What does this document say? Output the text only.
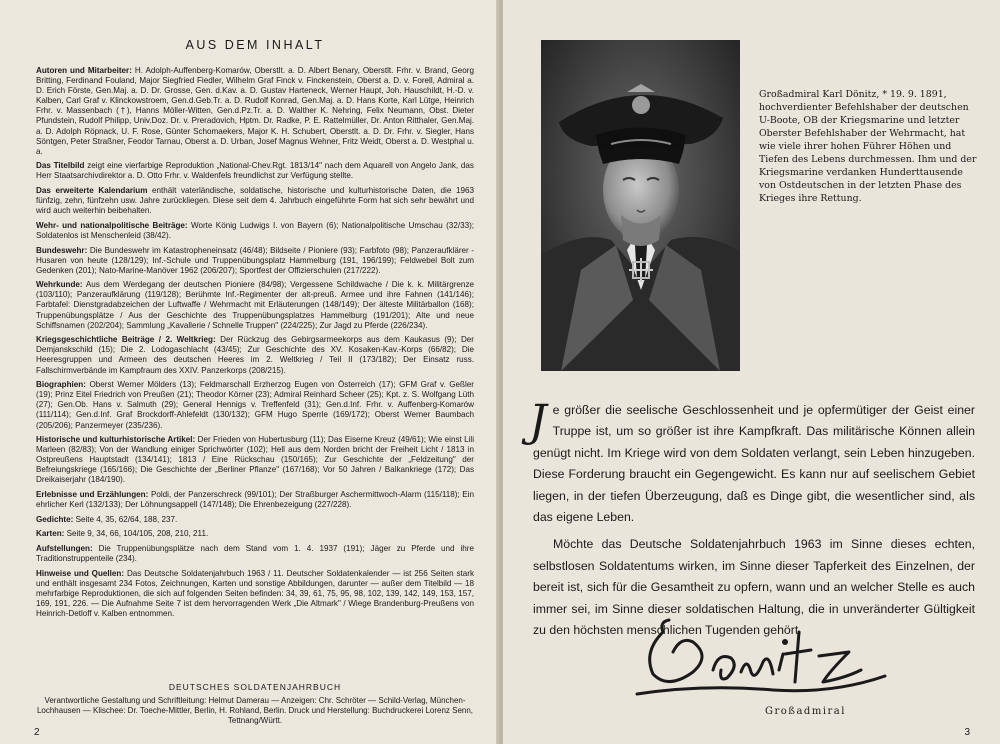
AUS DEM INHALT
Autoren und Mitarbeiter: H. Adolph-Auffenberg-Komarów, Oberstlt. a. D. Albert Benary, Oberstlt. Frhr. v. Brand, Georg Britting, Ferdinand Fouland, Major Siegfried Fiedler, Wilhelm Graf Finck v. Finckenstein, Oberst a. D. v. Forell, Admiral a. D. Erich Förste, Gen.Maj. a. D. Dr. Grosse, Gen. d.Kav. a. D. Gustav Harteneck, Werner Haupt, Joh. Hauschildt, H.-D. v. Kalben, Carl Graf v. Klinckowstroem, Gen.d.Geb.Tr. a. D. Rudolf Konrad, Gen.Maj. a. D. Hans Korte, Karl Lütge, Heinrich Frhr. v. Massenbach (†), Hanns Möller-Witten, Gen.d.Pz.Tr. a. D. Walther K. Nehring, Felix Neumann, Obst. Dieter Pfundstein, Rudolf Philipp, Univ.Doz. Dr. v. Preradovich, Hptm. Dr. Radke, P. E. Rattelmüller, Dr. Anton Ritthaler, Gen.Maj. a. D. Adolph Röpnack, U. F. Rose, Günter Schomaekers, Major K. H. Schubert, Oberstlt. a. D. Dr. Frhr. v. Siegler, Hans Söntgen, Peter Straßner, Feodor Tarnau, Oberst a. D. Urban, Josef Magnus Wehner, Fritz Weidt, Oberst a. D. Westphal u. a.
Das Titelbild zeigt eine vierfarbige Reproduktion „National-Chev.Rgt. 1813/14" nach dem Aquarell von Angelo Jank, das Herr Staatsarchivdirektor a. D. Otto Frhr. v. Waldenfels freundlichst zur Verfügung stellte.
Das erweiterte Kalendarium enthält vaterländische, soldatische, historische und kulturhistorische Daten, die 1963 fünfzig, zehn, fünfzehn usw. Jahre zurückliegen. Diese seit dem 4. Jahrbuch eingeführte Form hat sich sehr bewährt und wird auch weiterhin beibehalten.
Wehr- und nationalpolitische Beiträge: Worte König Ludwigs I. von Bayern (6); Nationalpolitische Umschau (32/33); Soldatenlos ist Menschenleid (38/42).
Bundeswehr: Die Bundeswehr im Katastropheneinsatz (46/48); Bildseite / Pioniere (93); Farbfoto (98); Panzeraufklärer - Husaren von heute (128/129); Inf.-Schule und Truppenübungsplatz Hammelburg (191, 196/199); Feldwebel Bolt zum Gedenken (201); Nato-Marine-Manöver 1962 (206/207); Sportfest der Offizierschulen (217/222).
Wehrkunde: Aus dem Werdegang der deutschen Pioniere (84/98); Vergessene Schildwache / Die k. k. Militärgrenze (103/110); Panzeraufklärung (119/128); Berühmte Inf.-Regimenter der alt-preuß. Armee und ihre Fahnen (141/146); Farbtafel: Dienstgradabzeichen der Luftwaffe / Wehrmacht mit Erläuterungen (148/149); Der älteste Militärballon (168); Truppenübungsplätze / Aus der Geschichte des Truppenübungsplatzes Hammelburg (191/201); Alte und neue Schiffsnamen (202/204); Sammlung „Kavallerie / Schnelle Truppen" (224/225); Zur Jagd zu Pferde (226/234).
Kriegsgeschichtliche Beiträge / 2. Weltkrieg: Der Rückzug des Gebirgsarmeekorps aus dem Kaukasus (9); Der Demjanskschild (15); Die 2. Lodogaschlacht (43/45); Zur Geschichte des XV. Kosaken-Kav.-Korps (66/82); Die Heeresgruppen und Armeen des deutschen Heeres im 2. Weltkrieg / Teil II (173/182); Der Einsatz russ. Fallschirmverbände im Kampfraum des XXIV. Panzerkorps (208/215).
Biographien: Oberst Werner Mölders (13); Feldmarschall Erzherzog Eugen von Österreich (17); GFM Graf v. Geßler (19); Prinz Eitel Friedrich von Preußen (21); Theodor Körner (23); Admiral Reinhard Scheer (25); Kpt. z. S. Wolfgang Lüth (27); Gen.Ob. Hans v. Salmuth (29); General Hennigs v. Treffenfeld (31); Gen.d.Inf. Frhr. v. Auffenberg-Komarów (111/114); Gen.d.Inf. Graf Brockdorff-Ahlefeldt (130/132); GFM Hugo Sperrle (169/172); Oberst Werner Baumbach (205/206); Panzermeyer (235/236).
Historische und kulturhistorische Artikel: Der Frieden von Hubertusburg (11); Das Eiserne Kreuz (49/61); Wie einst Lili Marleen (82/83); Von der Wandlung einiger Sprichwörter (102); Hell aus dem Norden bricht der Freiheit Licht / 1813 in Ostpreußens Hauptstadt (134/141); 1813 / Eine Rückschau (150/165); Zur Geschichte der „Feldzeitung" der Befreiungskriege (165/166); Die Geschichte der „Berliner Pflanze" (167/168); Vor 50 Jahren / Balkankriege (172); Das Dreikaiserjahr (184/190).
Erlebnisse und Erzählungen: Poldi, der Panzerschreck (99/101); Der Straßburger Aschermittwoch-Alarm (115/118); Ein ehrlicher Kerl (132/133); Der Löhnungsappell (147/148); Die Ehrenbezeigung (227/228).
Gedichte: Seite 4, 35, 62/64, 188, 237.
Karten: Seite 9, 34, 66, 104/105, 208, 210, 211.
Aufstellungen: Die Truppenübungsplätze nach dem Stand vom 1. 4. 1937 (191); Jäger zu Pferde und ihre Traditionstruppenteile (234).
Hinweise und Quellen: Das Deutsche Soldatenjahrbuch 1963 / 11. Deutscher Soldatenkalender — ist 256 Seiten stark und enthält insgesamt 234 Fotos, Zeichnungen, Karten und sonstige Abbildungen, darunter — außer dem Titelbild — 18 mehrfarbige Reproduktionen, die sich auf folgenden Seiten befinden: 34, 39, 61, 75, 95, 98, 102, 139, 142, 149, 153, 157, 169, 191, 226. — Die Aufnahme Seite 7 ist dem hervorragenden Werk „Die Altmark" / Wiege Brandenburg-Preußens von Heinrich-Detloff v. Kalben entnommen.
DEUTSCHES SOLDATENJAHRBUCH
Verantwortliche Gestaltung und Schriftleitung: Helmut Damerau — Anzeigen: Chr. Schröter — Schild-Verlag, München-Lochhausen — Klischee: Dr. Toeche-Mittler, Berlin, H. Rohland, Berlin. Druck und Herstellung: Buchdruckerei Lorenz Senn, Tettnang/Württ.
2
Großadmiral Karl Dönitz, * 19. 9. 1891, hochverdienter Befehlshaber der deutschen U-Boote, OB der Kriegsmarine und letzter Oberster Befehlshaber der Wehrmacht, hat wie viele ihrer hohen Führer Höhen und Tiefen des Lebens durchmessen. Ihm und der Kriegsmarine verdanken Hunderttausende von Ostdeutschen in der letzten Phase des Krieges ihre Rettung.

Je größer die seelische Geschlossenheit und je opfermütiger der Geist einer Truppe ist, um so größer ist ihre Kampfkraft. Das militärische Können allein genügt nicht. Im Kriege wird von dem Soldaten verlangt, sein Leben hinzugeben. Diese Forderung braucht ein Gegengewicht. Es kann nur auf seelischem Gebiet liegen, in der tiefen Überzeugung, daß es Dinge gibt, die wesentlicher sind, als das eigene Leben.

Möchte das Deutsche Soldatenjahrbuch 1963 im Sinne dieses echten, selbstlosen Soldatentums wirken, im Sinne dieser Tapferkeit des Einzelnen, der bereit ist, sich für die Gesamtheit zu opfern, wann und an welcher Stelle es auch immer sei, im Sinne dieser soldatischen Haltung, die in unveränderter Gültigkeit zu den höchsten menschlichen Tugenden gehört.

Großadmiral
3
